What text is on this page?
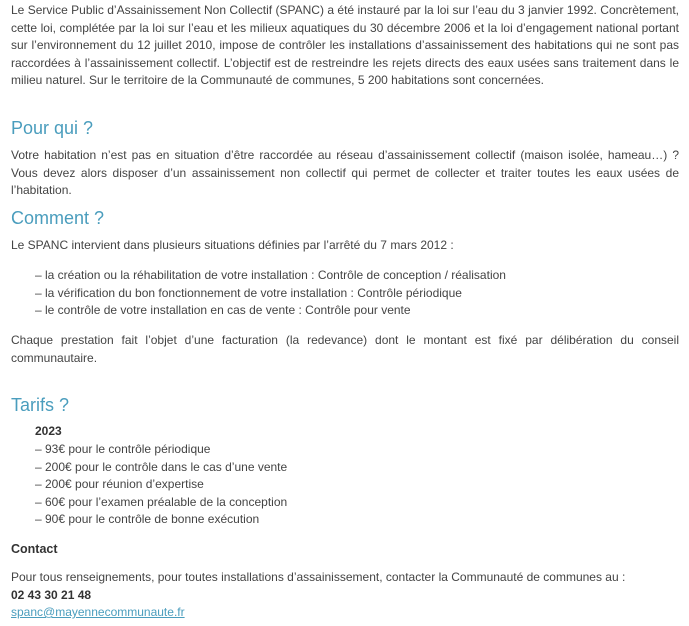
Le Service Public d’Assainissement Non Collectif (SPANC) a été instauré par la loi sur l’eau du 3 janvier 1992. Concrètement, cette loi, complétée par la loi sur l’eau et les milieux aquatiques du 30 décembre 2006 et la loi d’engagement national portant sur l’environnement du 12 juillet 2010, impose de contrôler les installations d’assainissement des habitations qui ne sont pas raccordées à l’assainissement collectif. L’objectif est de restreindre les rejets directs des eaux usées sans traitement dans le milieu naturel. Sur le territoire de la Communauté de communes, 5 200 habitations sont concernées.

Pour qui ?

Votre habitation n’est pas en situation d’être raccordée au réseau d’assainissement collectif (maison isolée, hameau…) ? Vous devez alors disposer d’un assainissement non collectif qui permet de collecter et traiter toutes les eaux usées de l’habitation.

Comment ?

Le SPANC intervient dans plusieurs situations définies par l’arrêté du 7 mars 2012 :

– la création ou la réhabilitation de votre installation : Contrôle de conception / réalisation
– la vérification du bon fonctionnement de votre installation : Contrôle périodique
– le contrôle de votre installation en cas de vente : Contrôle pour vente

Chaque prestation fait l’objet d’une facturation (la redevance) dont le montant est fixé par délibération du conseil communautaire.

Tarifs ?

2023

– 93€ pour le contrôle périodique
– 200€ pour le contrôle dans le cas d’une vente
– 200€ pour réunion d’expertise
– 60€ pour l’examen préalable de la conception
– 90€ pour le contrôle de bonne exécution

Contact

Pour tous renseignements, pour toutes installations d’assainissement, contacter la Communauté de communes au :

02 43 30 21 48

spanc@mayennecommunaute.fr
